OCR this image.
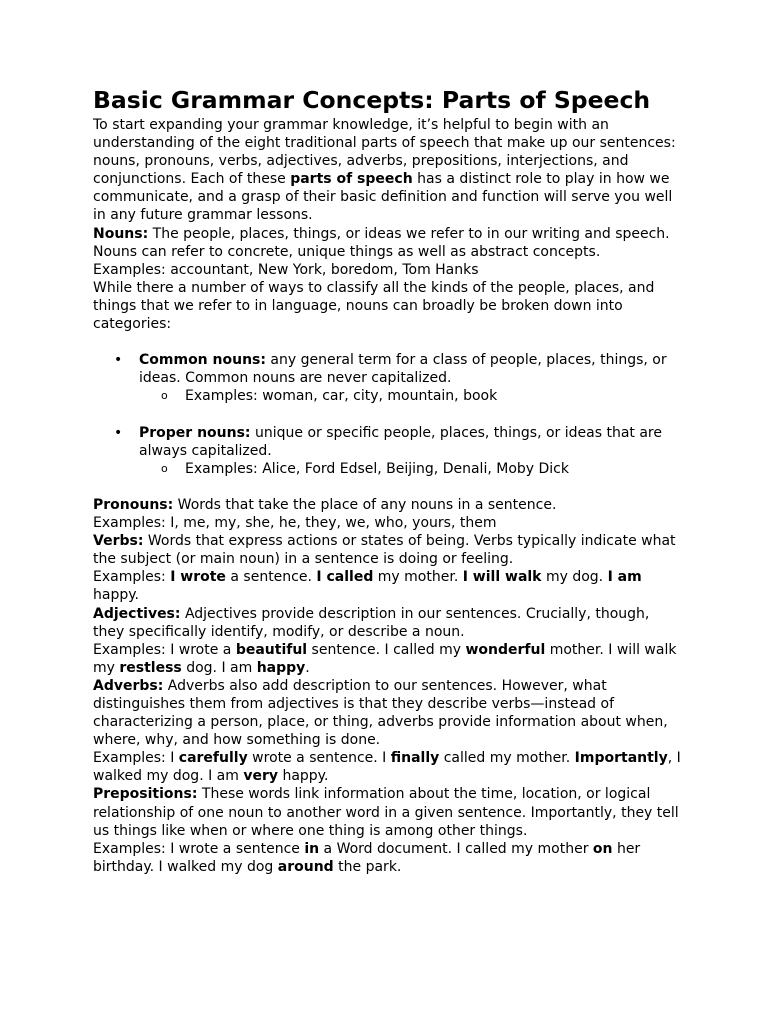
Basic Grammar Concepts: Parts of Speech

To start expanding your grammar knowledge, it’s helpful to begin with an understanding of the eight traditional parts of speech that make up our sentences: nouns, pronouns, verbs, adjectives, adverbs, prepositions, interjections, and conjunctions. Each of these parts of speech has a distinct role to play in how we communicate, and a grasp of their basic definition and function will serve you well in any future grammar lessons.

Nouns: The people, places, things, or ideas we refer to in our writing and speech. Nouns can refer to concrete, unique things as well as abstract concepts.

Examples: accountant, New York, boredom, Tom Hanks

While there a number of ways to classify all the kinds of the people, places, and things that we refer to in language, nouns can broadly be broken down into categories:

• Common nouns: any general term for a class of people, places, things, or ideas. Common nouns are never capitalized.
o Examples: woman, car, city, mountain, book
• Proper nouns: unique or specific people, places, things, or ideas that are always capitalized.
o Examples: Alice, Ford Edsel, Beijing, Denali, Moby Dick

Pronouns: Words that take the place of any nouns in a sentence.

Examples: I, me, my, she, he, they, we, who, yours, them

Verbs: Words that express actions or states of being. Verbs typically indicate what the subject (or main noun) in a sentence is doing or feeling.

Examples: I wrote a sentence. I called my mother. I will walk my dog. I am happy.

Adjectives: Adjectives provide description in our sentences. Crucially, though, they specifically identify, modify, or describe a noun.

Examples: I wrote a beautiful sentence. I called my wonderful mother. I will walk my restless dog. I am happy.

Adverbs: Adverbs also add description to our sentences. However, what distinguishes them from adjectives is that they describe verbs—instead of characterizing a person, place, or thing, adverbs provide information about when, where, why, and how something is done.

Examples: I carefully wrote a sentence. I finally called my mother. Importantly, I walked my dog. I am very happy.

Prepositions: These words link information about the time, location, or logical relationship of one noun to another word in a given sentence. Importantly, they tell us things like when or where one thing is among other things.

Examples: I wrote a sentence in a Word document. I called my mother on her birthday. I walked my dog around the park.
